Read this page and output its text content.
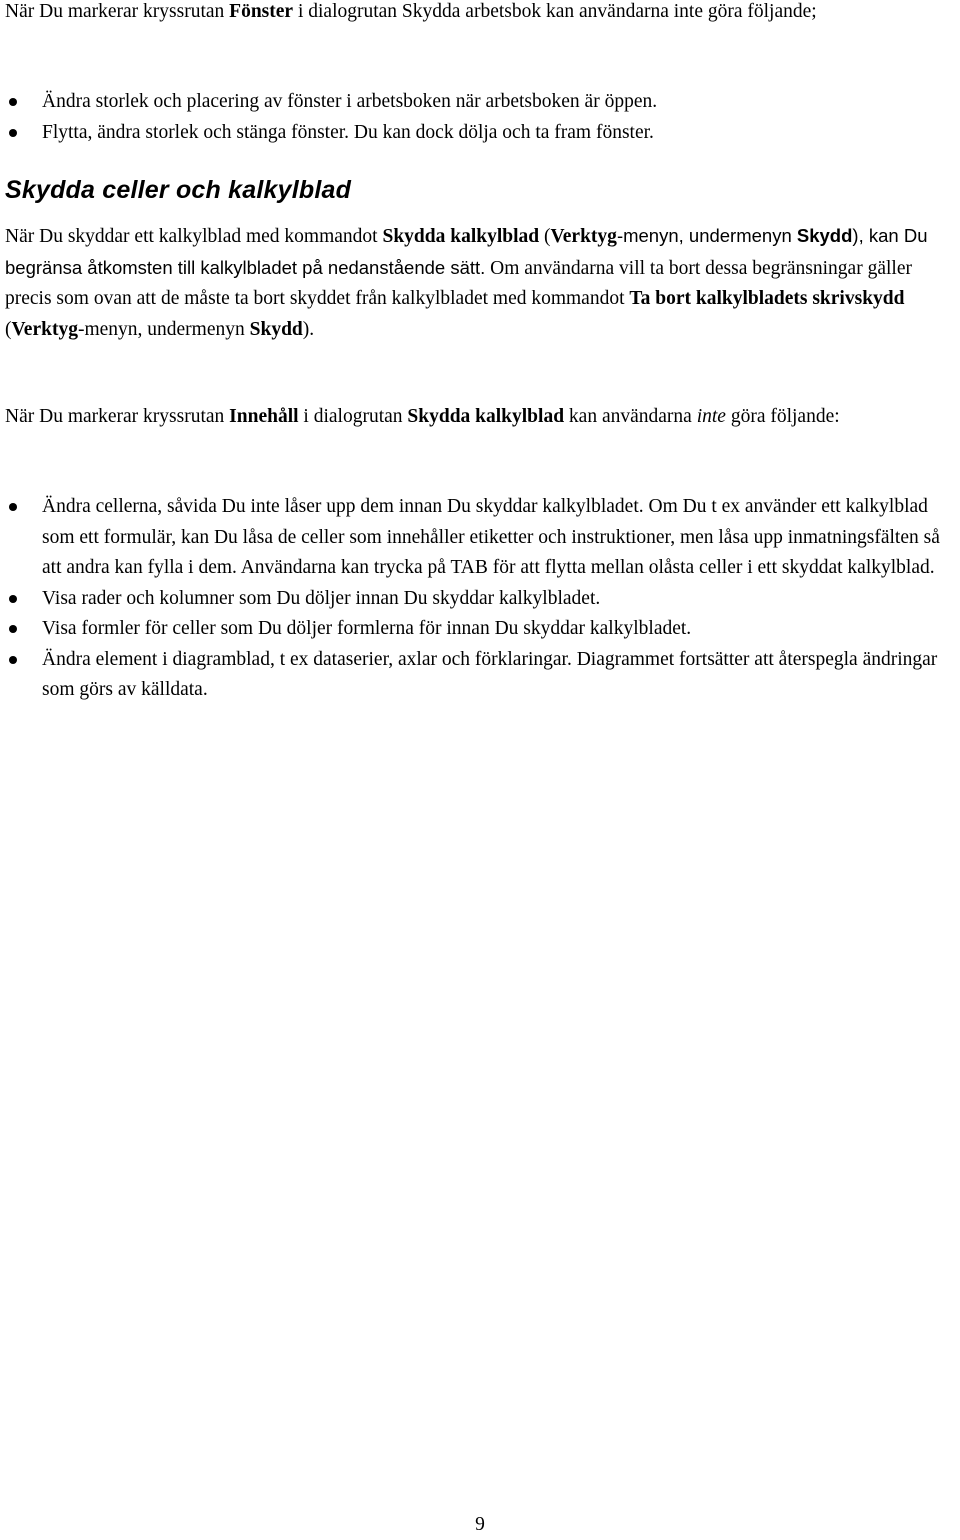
När Du markerar kryssrutan Fönster i dialogrutan Skydda arbetsbok kan användarna inte göra följande;

Ändra storlek och placering av fönster i arbetsboken när arbetsboken är öppen.
Flytta, ändra storlek och stänga fönster. Du kan dock dölja och ta fram fönster.
Skydda celler och kalkylblad

När Du skyddar ett kalkylblad med kommandot Skydda kalkylblad (Verktyg-menyn, undermenyn Skydd), kan Du begränsa åtkomsten till kalkylbladet på nedanstående sätt. Om användarna vill ta bort dessa begränsningar gäller precis som ovan att de måste ta bort skyddet från kalkylbladet med kommandot Ta bort kalkylbladets skrivskydd (Verktyg-menyn, undermenyn Skydd).

När Du markerar kryssrutan Innehåll i dialogrutan Skydda kalkylblad kan användarna inte göra följande:

Ändra cellerna, såvida Du inte låser upp dem innan Du skyddar kalkylbladet. Om Du t ex använder ett kalkylblad som ett formulär, kan Du låsa de celler som innehåller etiketter och instruktioner, men låsa upp inmatningsfälten så att andra kan fylla i dem. Användarna kan trycka på TAB för att flytta mellan olåsta celler i ett skyddat kalkylblad.
Visa rader och kolumner som Du döljer innan Du skyddar kalkylbladet.
Visa formler för celler som Du döljer formlerna för innan Du skyddar kalkylbladet.
Ändra element i diagramblad, t ex dataserier, axlar och förklaringar. Diagrammet fortsätter att återspegla ändringar som görs av källdata.
9
